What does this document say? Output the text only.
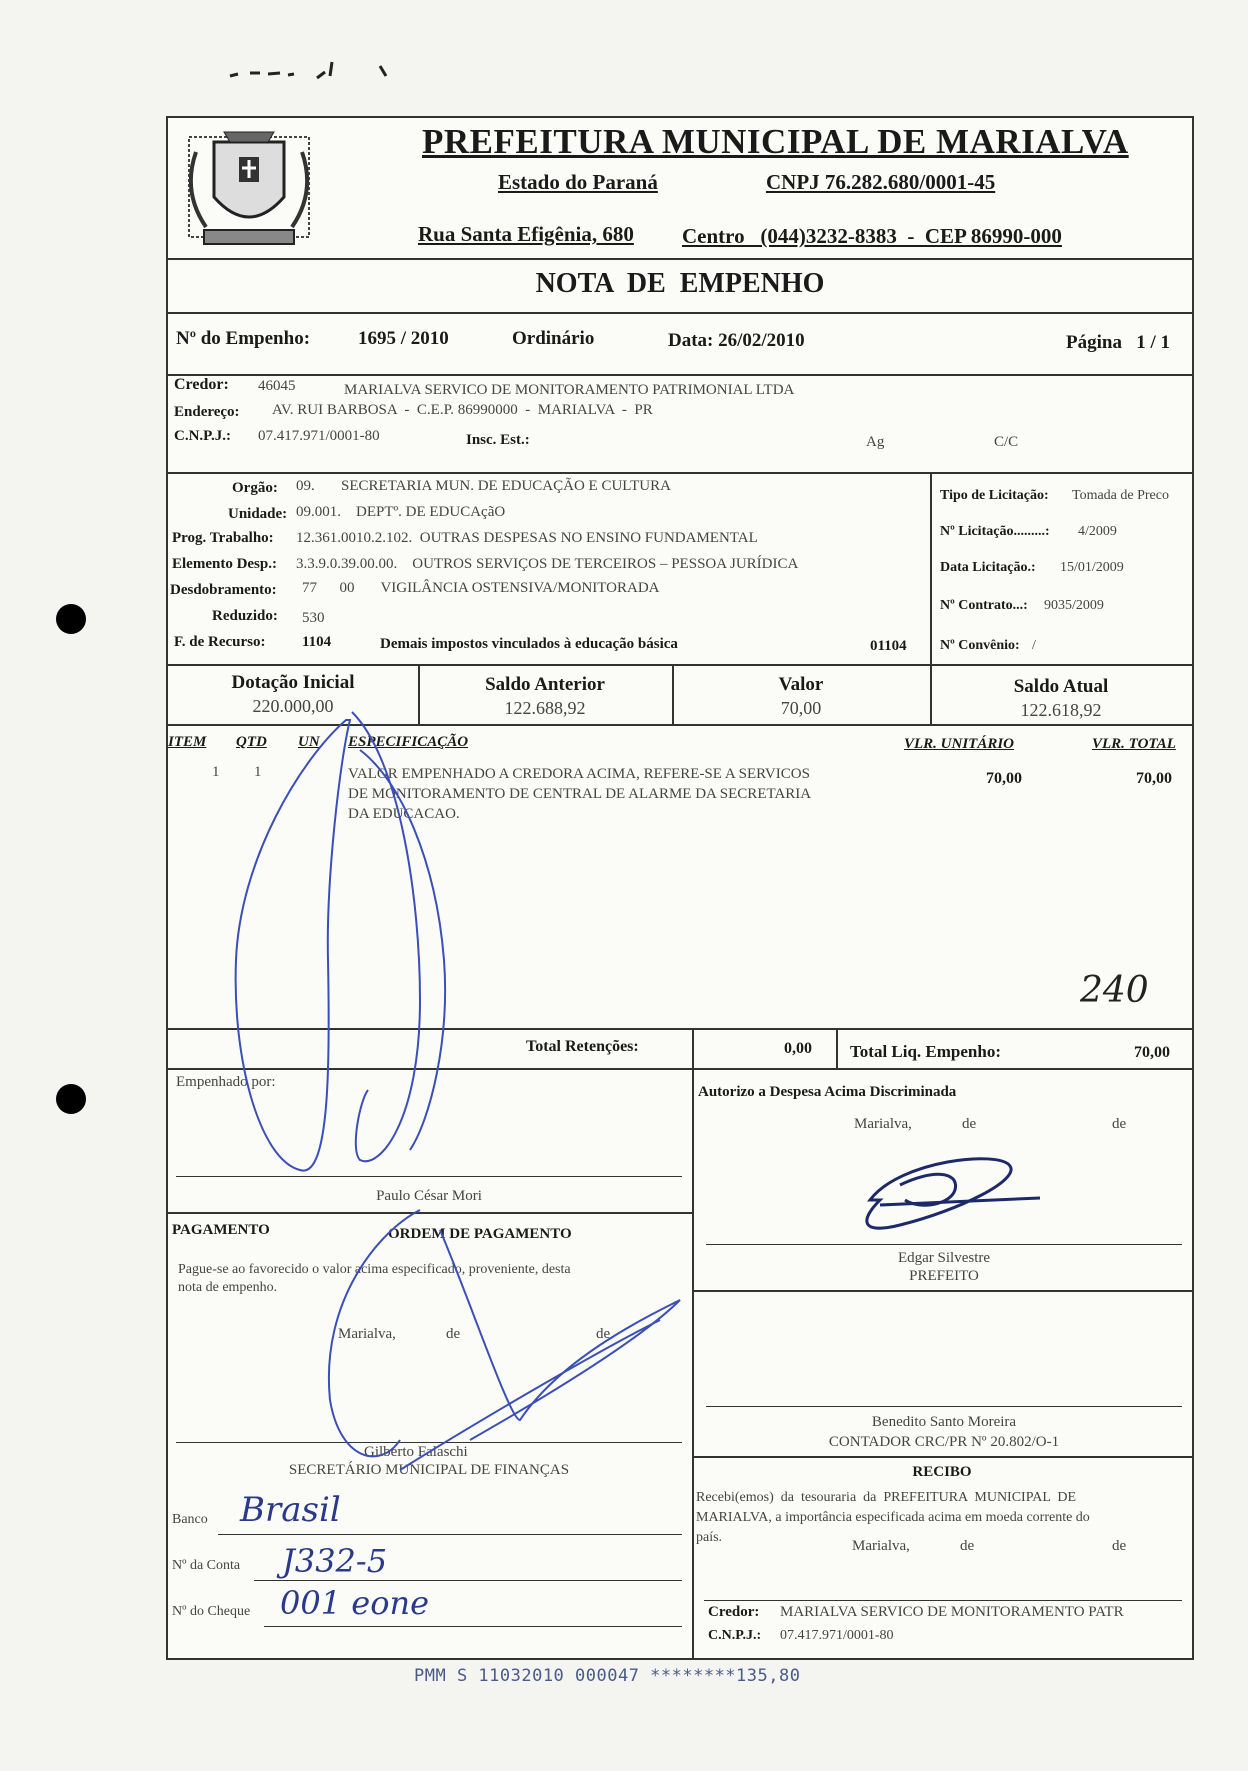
PREFEITURA MUNICIPAL DE MARIALVA
Estado do Paraná	CNPJ 76.282.680/0001-45
Rua Santa Efigênia, 680 Centro   (044)3232-8383  -  CEP 86990-000
NOTA  DE  EMPENHO
Nº do Empenho:	1695 / 2010	Ordinário	Data: 26/02/2010	Página   1 / 1
Credor: 46045	MARIALVA SERVICO DE MONITORAMENTO PATRIMONIAL LTDA
Endereço: AV. RUI BARBOSA  -  C.E.P. 86990000  -  MARIALVA  -  PR
C.N.P.J.: 07.417.971/0001-80	Insc. Est.:	Ag	C/C
Orgão: 09.       SECRETARIA MUN. DE EDUCAÇÃO E CULTURA
Unidade: 09.001.    DEPTº. DE EDUCAçãO
Prog. Trabalho: 12.361.0010.2.102.  OUTRAS DESPESAS NO ENSINO FUNDAMENTAL
Elemento Desp.: 3.3.9.0.39.00.00.    OUTROS SERVIÇOS DE TERCEIROS – PESSOA JURÍDICA
Desdobramento: 77      00       VIGILÂNCIA OSTENSIVA/MONITORADA
Reduzido: 530
F. de Recurso: 1104	Demais impostos vinculados à educação básica	01104
Tipo de Licitação: Tomada de Preco
Nº Licitação.........: 4/2009
Data Licitação.: 15/01/2009
Nº Contrato...: 9035/2009
Nº Convênio: /
Dotação Inicial
220.000,00
Saldo Anterior
122.688,92
Valor
70,00
Saldo Atual
122.618,92
ITEM QTD UN ESPECIFICAÇÃO	VLR. UNITÁRIO	VLR. TOTAL
1 1	VALOR EMPENHADO A CREDORA ACIMA, REFERE-SE A SERVICOS
DE MONITORAMENTO DE CENTRAL DE ALARME DA SECRETARIA
DA EDUCACAO.
70,00	70,00
240
Total Retenções:	0,00 Total Liq. Empenho:	70,00
Empenhado por:
Paulo César Mori
Autorizo a Despesa Acima Discriminada
Marialva,	de	de
Edgar Silvestre
PREFEITO
PAGAMENTO	ORDEM DE PAGAMENTO
Pague-se ao favorecido o valor acima especificado, proveniente, desta
nota de empenho.
Marialva,	de	de
Gilberto Falaschi
SECRETÁRIO MUNICIPAL DE FINANÇAS
Banco Brasil
Nº da Conta J332-5
Nº do Cheque 001 eone
Benedito Santo Moreira
CONTADOR CRC/PR Nº 20.802/O-1
RECIBO
Recebi(emos)  da  tesouraria  da  PREFEITURA  MUNICIPAL  DE
MARIALVA, a importância especificada acima em moeda corrente do
país.
Marialva,	de	de
Credor: MARIALVA SERVICO DE MONITORAMENTO PATR
C.N.P.J.: 07.417.971/0001-80
PMM S 11032010 000047 ********135,80
